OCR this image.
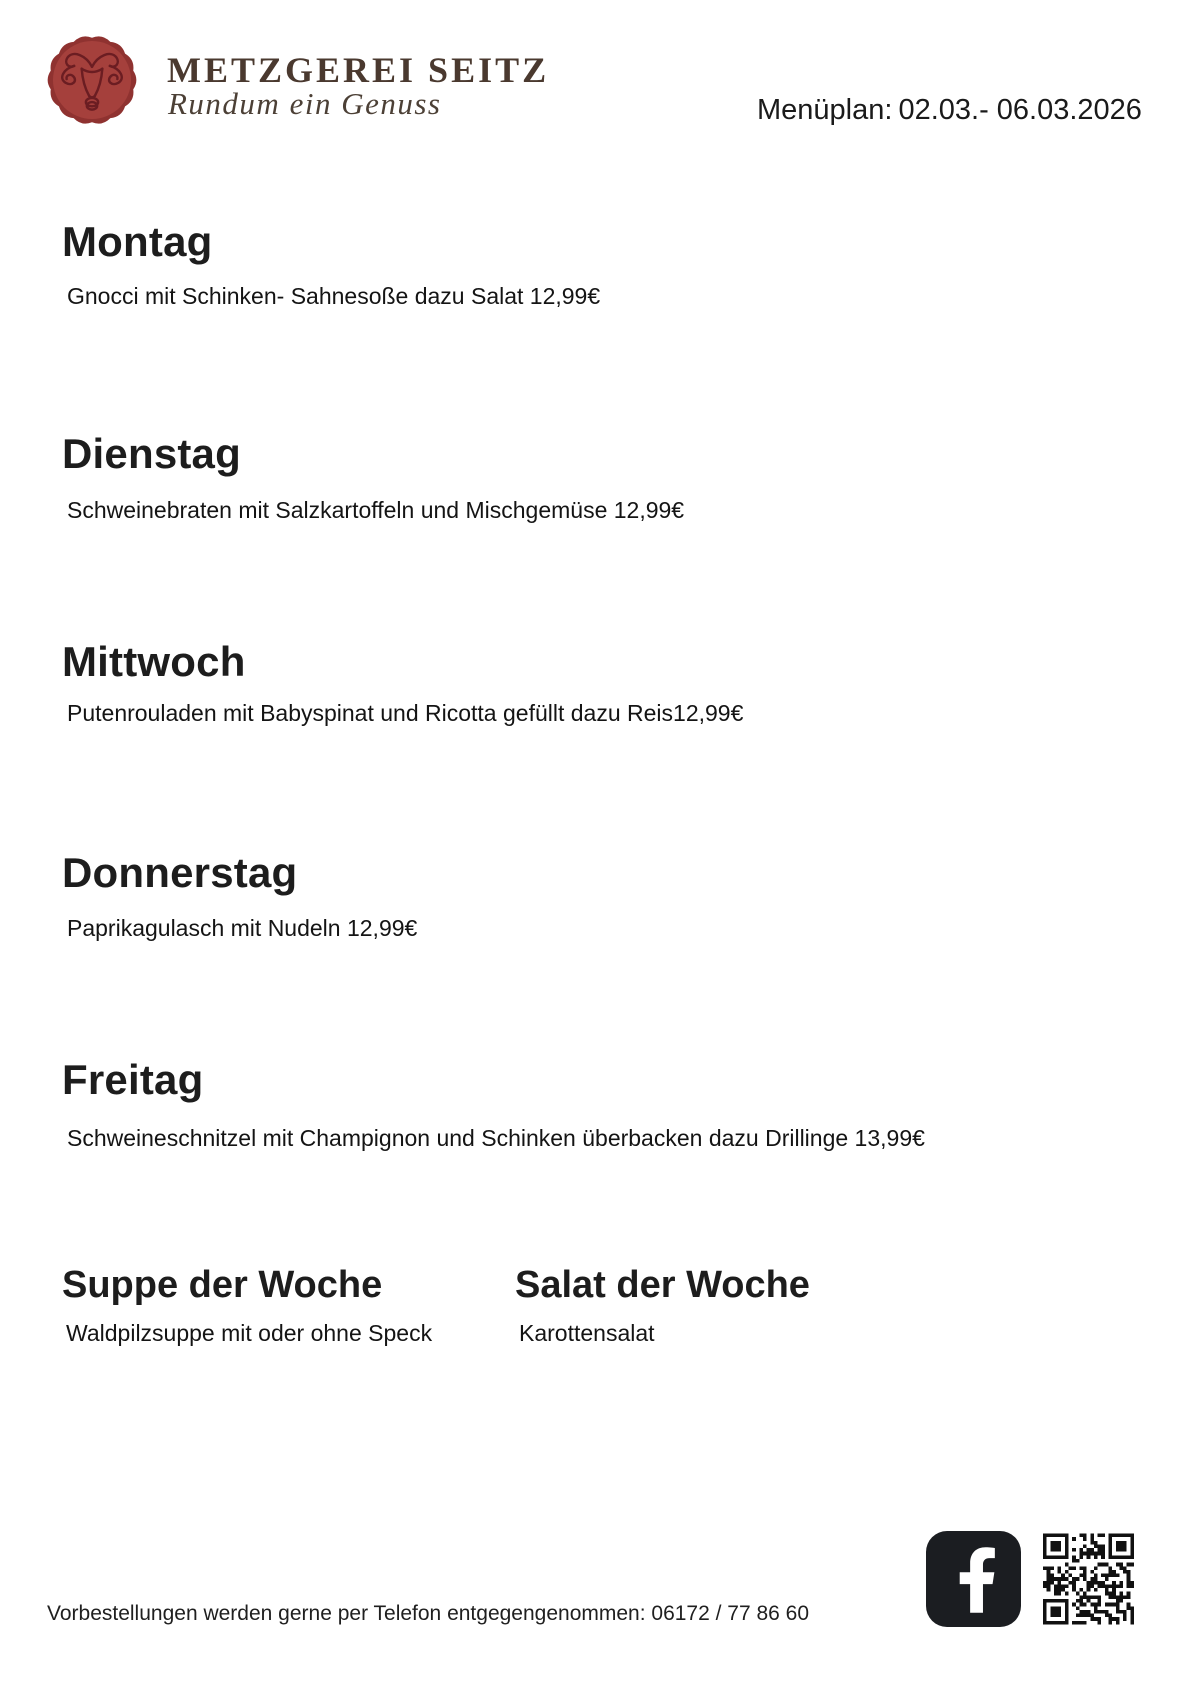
METZGEREI SEITZ
Rundum ein Genuss	Menüplan: 02.03.- 06.03.2026
Montag
Gnocci mit Schinken- Sahnesoße dazu Salat 12,99€
Dienstag
Schweinebraten mit Salzkartoffeln und Mischgemüse 12,99€
Mittwoch
Putenrouladen mit Babyspinat und Ricotta gefüllt dazu Reis12,99€
Donnerstag
Paprikagulasch mit Nudeln 12,99€
Freitag
Schweineschnitzel mit Champignon und Schinken überbacken dazu Drillinge 13,99€
Suppe der Woche
Waldpilzsuppe mit oder ohne Speck
Salat der Woche
Karottensalat
Vorbestellungen werden gerne per Telefon entgegengenommen: 06172 / 77 86 60
